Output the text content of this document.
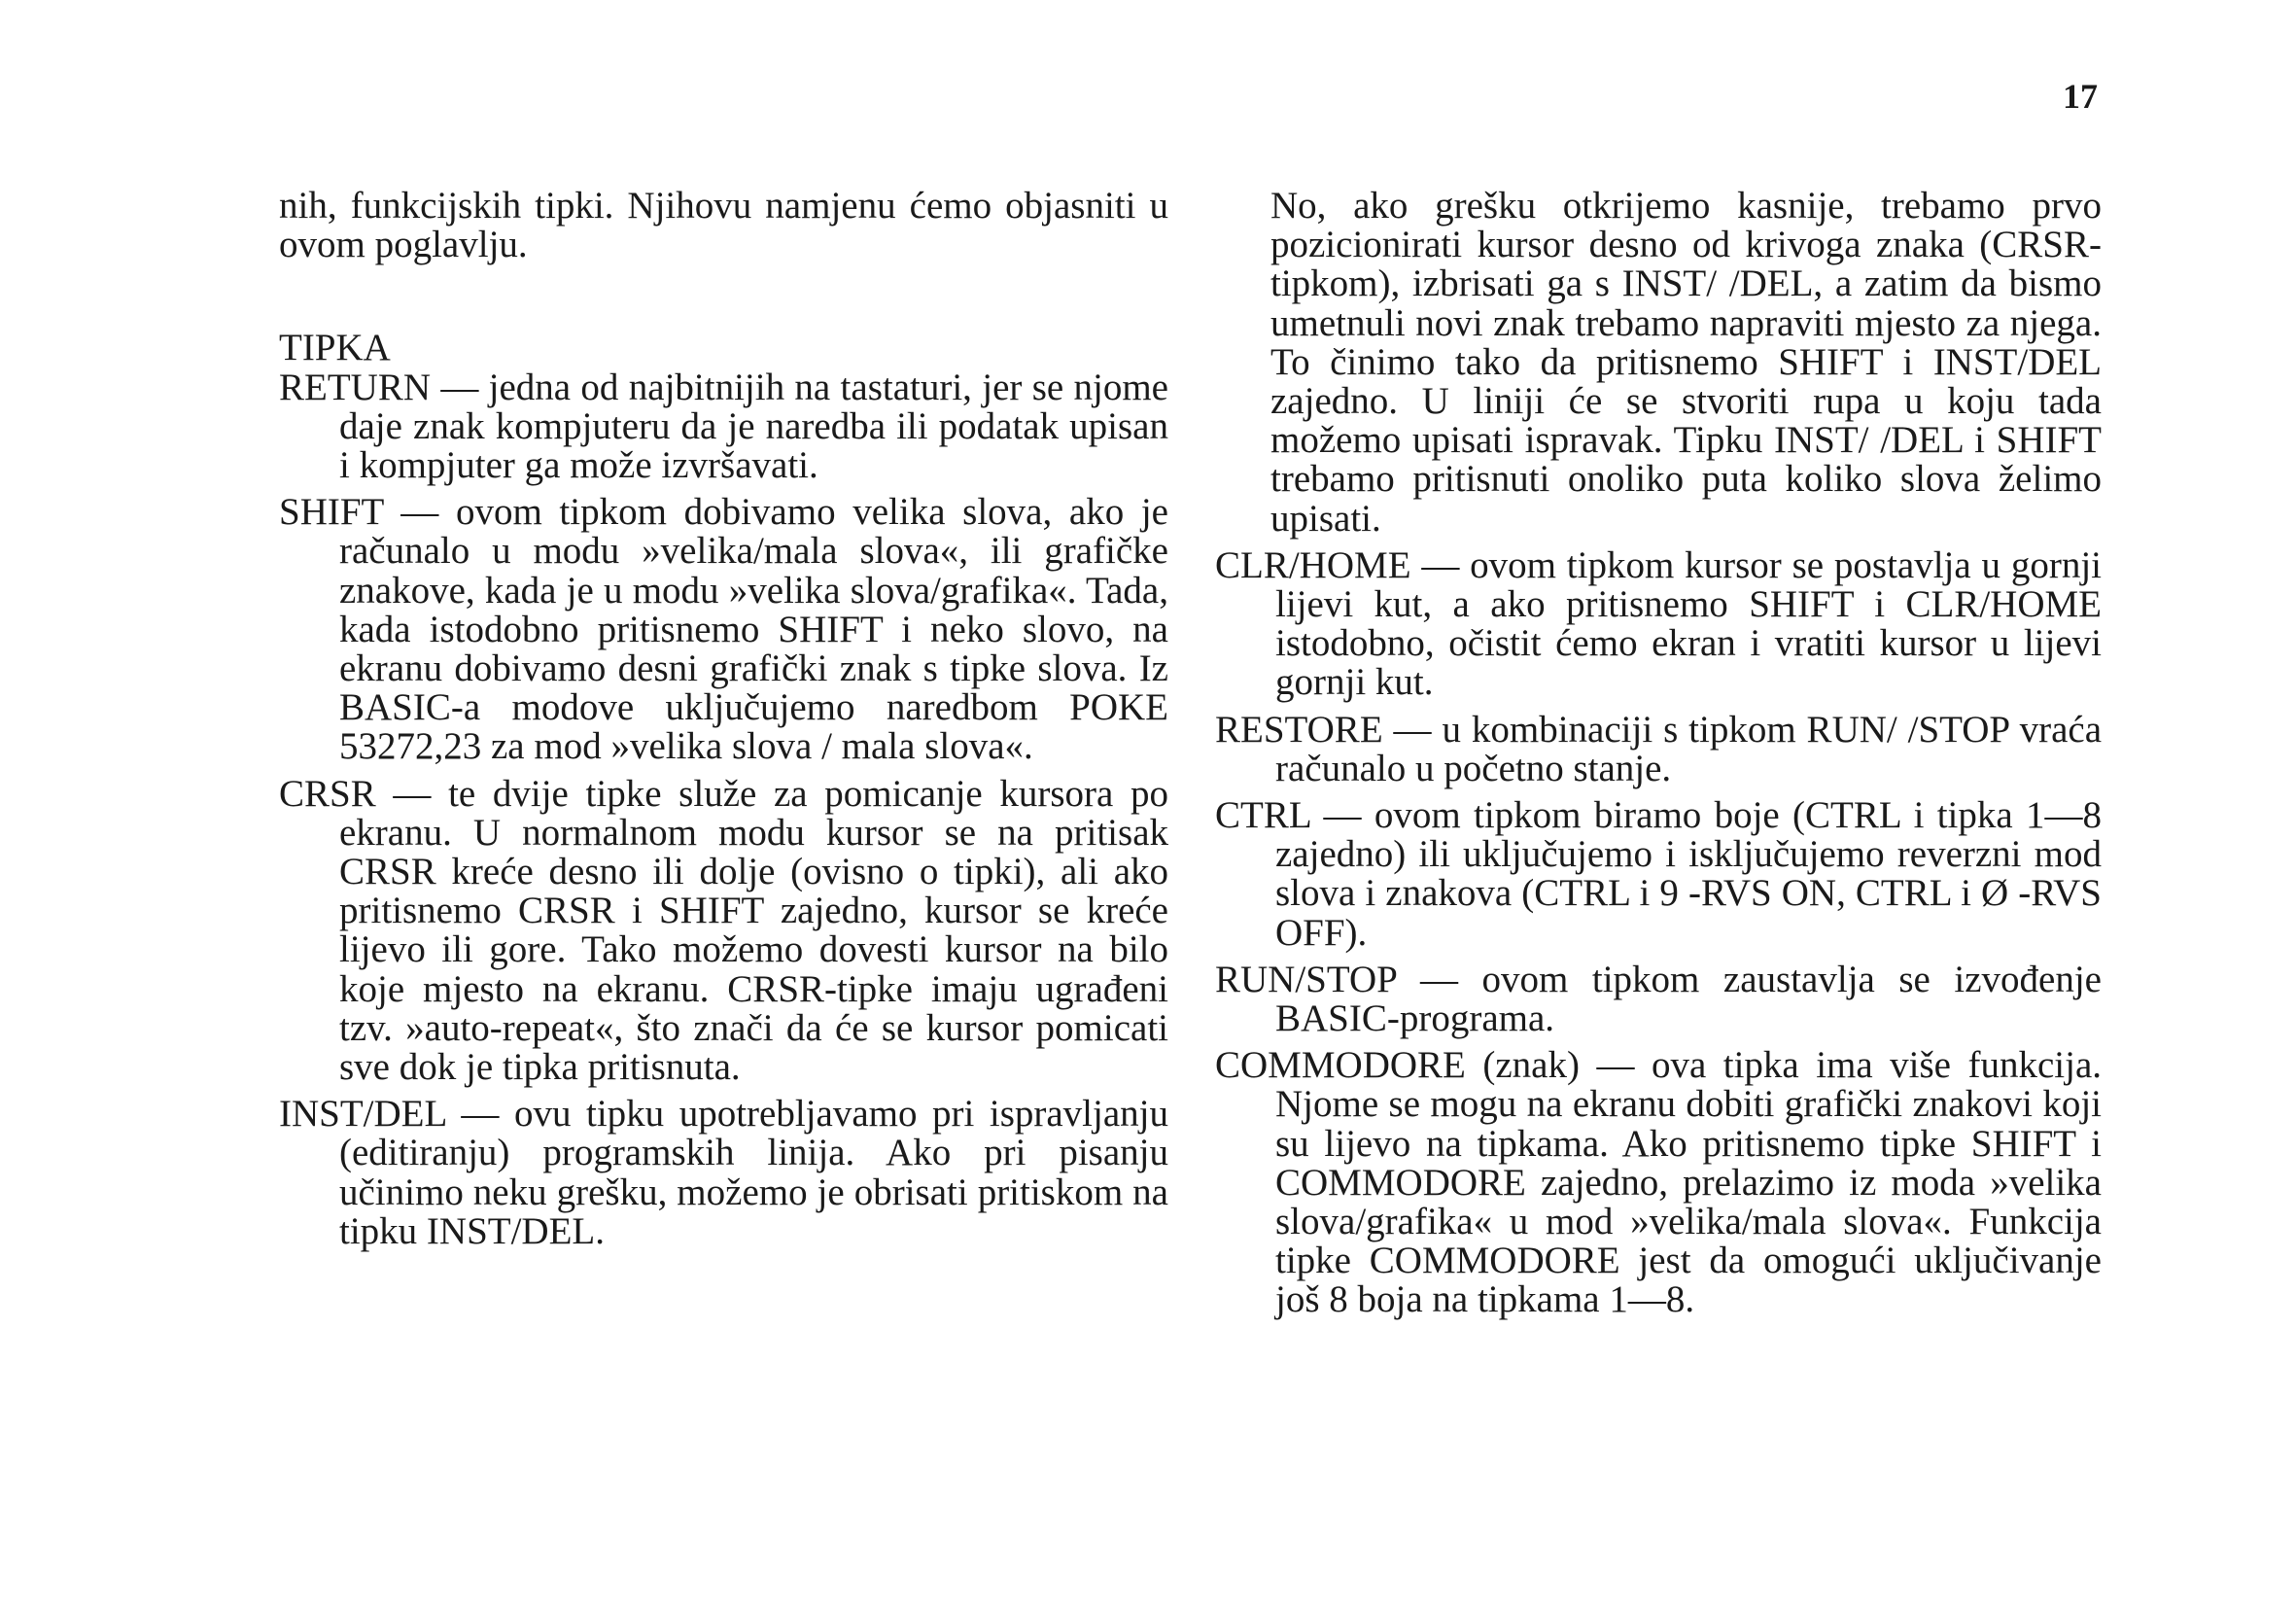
17

nih, funkcijskih tipki. Njihovu namjenu ćemo objasniti u ovom poglavlju.

TIPKA

RETURN — jedna od najbitnijih na tastaturi, jer se njome daje znak kompjuteru da je naredba ili podatak upisan i kompjuter ga može izvršavati.

SHIFT — ovom tipkom dobivamo velika slova, ako je računalo u modu »velika/mala slova«, ili grafičke znakove, kada je u modu »velika slova/grafika«. Tada, kada istodobno pritisnemo SHIFT i neko slovo, na ekranu dobivamo desni grafički znak s tipke slova. Iz BASIC-a modove uključujemo naredbom POKE 53272,23 za mod »velika slova / mala slova«.

CRSR — te dvije tipke služe za pomicanje kursora po ekranu. U normalnom modu kursor se na pritisak CRSR kreće desno ili dolje (ovisno o tipki), ali ako pritisnemo CRSR i SHIFT zajedno, kursor se kreće lijevo ili gore. Tako možemo dovesti kursor na bilo koje mjesto na ekranu. CRSR-tipke imaju ugrađeni tzv. »auto-repeat«, što znači da će se kursor pomicati sve dok je tipka pritisnuta.

INST/DEL — ovu tipku upotrebljavamo pri ispravljanju (editiranju) programskih linija. Ako pri pisanju učinimo neku grešku, možemo je obrisati pritiskom na tipku INST/DEL.

No, ako grešku otkrijemo kasnije, trebamo prvo pozicionirati kursor desno od krivoga znaka (CRSR-tipkom), izbrisati ga s INST/ /DEL, a zatim da bismo umetnuli novi znak trebamo napraviti mjesto za njega. To činimo tako da pritisnemo SHIFT i INST/DEL zajedno. U liniji će se stvoriti rupa u koju tada možemo upisati ispravak. Tipku INST/ /DEL i SHIFT trebamo pritisnuti onoliko puta koliko slova želimo upisati.

CLR/HOME — ovom tipkom kursor se postavlja u gornji lijevi kut, a ako pritisnemo SHIFT i CLR/HOME istodobno, očistit ćemo ekran i vratiti kursor u lijevi gornji kut.

RESTORE — u kombinaciji s tipkom RUN/ /STOP vraća računalo u početno stanje.

CTRL — ovom tipkom biramo boje (CTRL i tipka 1—8 zajedno) ili uključujemo i isključujemo reverzni mod slova i znakova (CTRL i 9 -RVS ON, CTRL i Ø -RVS OFF).

RUN/STOP — ovom tipkom zaustavlja se izvođenje BASIC-programa.

COMMODORE (znak) — ova tipka ima više funkcija. Njome se mogu na ekranu dobiti grafički znakovi koji su lijevo na tipkama. Ako pritisnemo tipke SHIFT i COMMODORE zajedno, prelazimo iz moda »velika slova/grafika« u mod »velika/mala slova«. Funkcija tipke COMMODORE jest da omogući uključivanje još 8 boja na tipkama 1—8.
